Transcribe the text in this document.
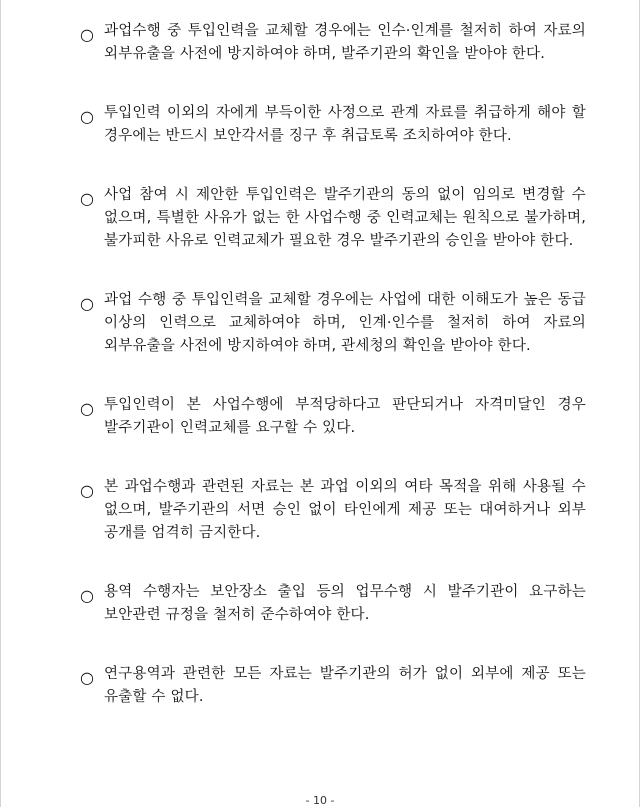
○ 과업수행 중 투입인력을 교체할 경우에는 인수·인계를 철저히 하여 자료의 외부유출을 사전에 방지하여야 하며, 발주기관의 확인을 받아야 한다.
○ 투입인력 이외의 자에게 부득이한 사정으로 관계 자료를 취급하게 해야 할 경우에는 반드시 보안각서를 징구 후 취급토록 조치하여야 한다.
○ 사업 참여 시 제안한 투입인력은 발주기관의 동의 없이 임의로 변경할 수 없으며, 특별한 사유가 없는 한 사업수행 중 인력교체는 원칙으로 불가하며, 불가피한 사유로 인력교체가 필요한 경우 발주기관의 승인을 받아야 한다.
○ 과업 수행 중 투입인력을 교체할 경우에는 사업에 대한 이해도가 높은 동급 이상의 인력으로 교체하여야 하며, 인계·인수를 철저히 하여 자료의 외부유출을 사전에 방지하여야 하며, 관세청의 확인을 받아야 한다.
○ 투입인력이 본 사업수행에 부적당하다고 판단되거나 자격미달인 경우 발주기관이 인력교체를 요구할 수 있다.
○ 본 과업수행과 관련된 자료는 본 과업 이외의 여타 목적을 위해 사용될 수 없으며, 발주기관의 서면 승인 없이 타인에게 제공 또는 대여하거나 외부 공개를 엄격히 금지한다.
○ 용역 수행자는 보안장소 출입 등의 업무수행 시 발주기관이 요구하는 보안관련 규정을 철저히 준수하여야 한다.
○ 연구용역과 관련한 모든 자료는 발주기관의 허가 없이 외부에 제공 또는 유출할 수 없다.
- 10 -
